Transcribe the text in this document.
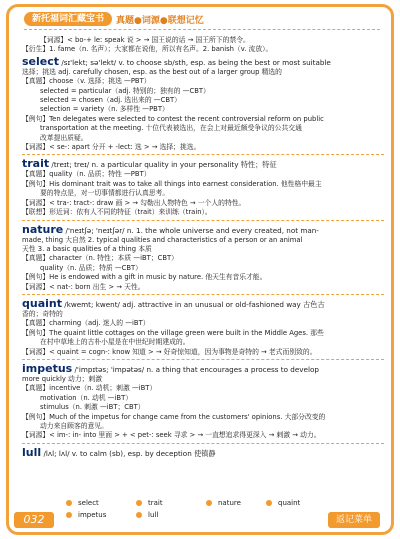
新托福词汇藏宝书	真题●词源●联想记忆
【词源】< bo-+ le: speak 说 > → 国王说的话 → 国王所下的禁令。
【衍生】1. fame（n. 名声）；大家都在说他，所以有名声。2. banish（v. 流放）。
select /sɪ'lekt; sə'lekt/ v. to choose sb/sth, esp. as being the best or most suitable
选择；挑选 adj. carefully chosen, esp. as the best out of a larger group 精选的
【真题】choose（v. 选择；挑选 —PBT）
selected = particular（adj. 特别的；独有的 —CBT）
selected = chosen（adj. 选出来的 —CBT）
selection = variety（n. 多样性 —PBT）
【例句】Ten delegates were selected to contest the recent controversial reform on public
transportation at the meeting. 十位代表被选出，在会上对最近颇受争议的公共交通
改革提出质疑。
【词源】< se-: apart 分开 + -lect: 选 > → 选择；挑选。
trait /treɪt; treɪ/ n. a particular quality in your personality 特性；特征
【真题】quality（n. 品质；特性 —PBT）
【例句】His dominant trait was to take all things into earnest consideration. 他性格中最主
要的特点是，对一切事情都进行认真思考。
【词源】< tra-: tract-: draw 画 > → 勾勒出人物特色 → 一个人的特性。
【联想】形近词：依有人不同的特征（trait）来训练（train）。
nature /'neɪtʃə; 'neɪtʃər/ n. 1. the whole universe and every created, not man-
made, thing 大自然 2. typical qualities and characteristics of a person or an animal
天性 3. a basic qualities of a thing 本质
【真题】character（n. 特性；本质 —iBT；CBT）
quality（n. 品质；特质 —CBT）
【例句】He is endowed with a gift in music by nature. 他天生有音乐才能。
【词源】< nat-: born 出生 > → 天性。
quaint /kwemt; kwent/ adj. attractive in an unusual or old-fashioned way 古色古
香的；奇特的
【真题】charming（adj. 迷人的 —iBT）
【例句】The quaint little cottages on the village green were built in the Middle Ages. 那些
在村中草地上的古朴小屋是在中世纪时期建成的。
【词源】< quaint = cogn-: know 知道 > → 好奇惊知道，因为事物是奇特的 → 老式而别致的。
impetus /'impɪtəs; 'impətəs/ n. a thing that encourages a process to develop
more quickly 动力；刺激
【真题】incentive（n. 动机；刺激 —iBT）
motivation（n. 动机 —iBT）
stimulus（n. 刺激 —iBT；CBT）
【例句】Much of the impetus for change came from the customers' opinions. 大部分改变的
动力来自顾客的意见。
【词源】< im-: in- into 里面 > + < pet-: seek 寻求 > → 一直想追求得更深入 → 刺激 → 动力。
lull /lʌl; lʌl/ v. to calm (sb), esp. by deception 使镇静
032
select	trait	nature	quaint
impetus	lull	返记菜单
